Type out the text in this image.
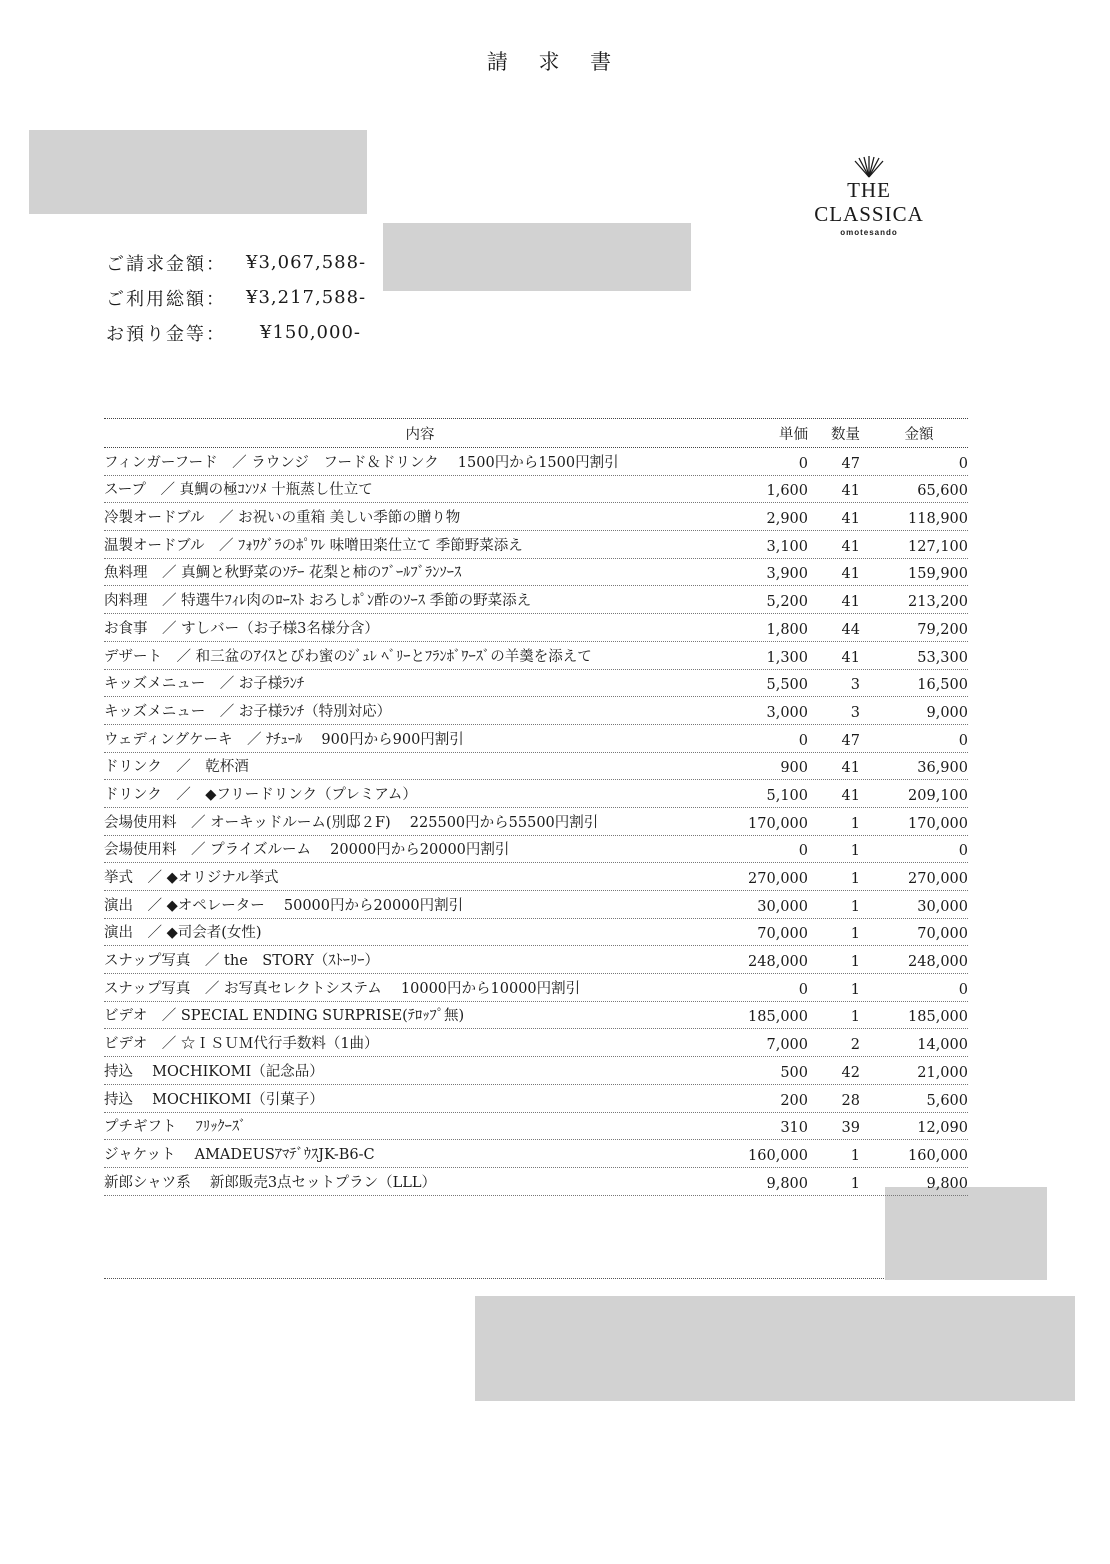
請 求 書
ご請求金額：	¥3,067,588-
ご利用総額：	¥3,217,588-
お預り金等：	¥150,000-
THE
CLASSICA
omotesando
内容	単価	数量	金額
フィンガーフード　／ ラウンジ　フード＆ドリンク　 1500円から1500円割引	0	47	0
スープ　／ 真鯛の極ｺﾝｿﾒ 十瓶蒸し仕立て	1,600	41	65,600
冷製オードブル　／ お祝いの重箱 美しい季節の贈り物	2,900	41	118,900
温製オードブル　／ ﾌｫﾜｸﾞﾗのﾎﾟﾜﾚ 味噌田楽仕立て 季節野菜添え	3,100	41	127,100
魚料理　／ 真鯛と秋野菜のｿﾃｰ 花梨と柿のﾌﾞｰﾙﾌﾞﾗﾝｿｰｽ	3,900	41	159,900
肉料理　／ 特選牛ﾌｨﾚ肉のﾛｰｽﾄ おろしﾎﾟﾝ酢のｿｰｽ 季節の野菜添え	5,200	41	213,200
お食事　／ すしバー（お子様3名様分含）	1,800	44	79,200
デザート　／ 和三盆のｱｲｽとびわ蜜のｼﾞｭﾚ ﾍﾞﾘｰとﾌﾗﾝﾎﾞﾜｰｽﾞの羊羹を添えて	1,300	41	53,300
キッズメニュー　／ お子様ﾗﾝﾁ	5,500	3	16,500
キッズメニュー　／ お子様ﾗﾝﾁ（特別対応）	3,000	3	9,000
ウェディングケーキ　／ ﾅﾁｭｰﾙ　 900円から900円割引	0	47	0
ドリンク　／　乾杯酒	900	41	36,900
ドリンク　／　◆フリードリンク（プレミアム）	5,100	41	209,100
会場使用料　／ オーキッドルーム(別邸２F)　 225500円から55500円割引	170,000	1	170,000
会場使用料　／ プライズルーム　 20000円から20000円割引	0	1	0
挙式　／ ◆オリジナル挙式	270,000	1	270,000
演出　／ ◆オペレーター　 50000円から20000円割引	30,000	1	30,000
演出　／ ◆司会者(女性)	70,000	1	70,000
スナップ写真　／ the　STORY（ｽﾄｰﾘｰ）	248,000	1	248,000
スナップ写真　／ お写真セレクトシステム　 10000円から10000円割引	0	1	0
ビデオ　／ SPECIAL ENDING SURPRISE(ﾃﾛｯﾌﾟ無)	185,000	1	185,000
ビデオ　／ ☆ＩＳＵＭ代行手数料（1曲）	7,000	2	14,000
持込　 MOCHIKOMI（記念品）	500	42	21,000
持込　 MOCHIKOMI（引菓子）	200	28	5,600
プチギフト　 ﾌﾘｯｸｰｽﾞ	310	39	12,090
ジャケット　 AMADEUSｱﾏﾃﾞｳｽJK-B6-C	160,000	1	160,000
新郎シャツ系　 新郎販売3点セットプラン（LLL）	9,800	1	9,800
